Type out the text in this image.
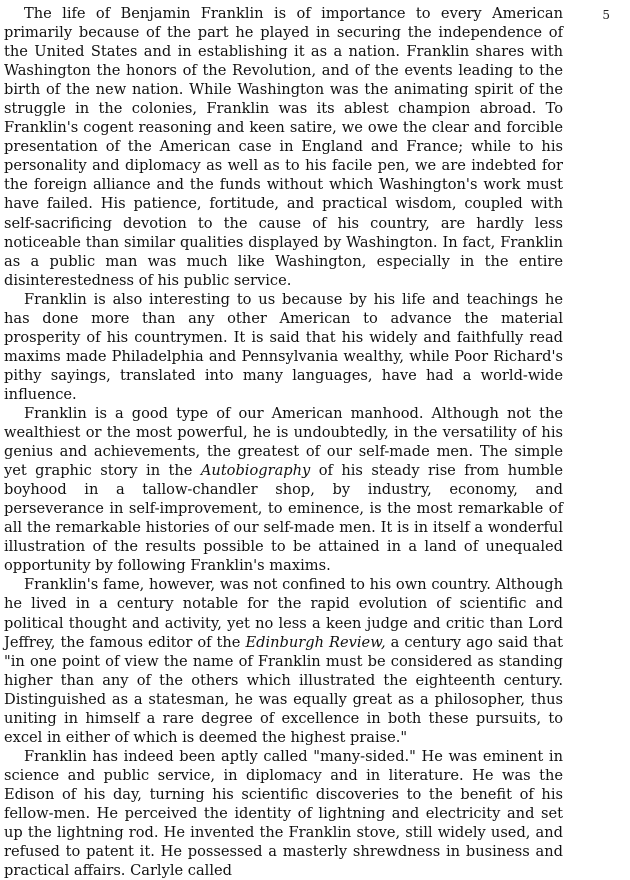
5

The life of Benjamin Franklin is of importance to every American primarily because of the part he played in securing the independence of the United States and in establishing it as a nation. Franklin shares with Washington the honors of the Revolution, and of the events leading to the birth of the new nation. While Washington was the animating spirit of the struggle in the colonies, Franklin was its ablest champion abroad. To Franklin's cogent reasoning and keen satire, we owe the clear and forcible presentation of the American case in England and France; while to his personality and diplomacy as well as to his facile pen, we are indebted for the foreign alliance and the funds without which Washington's work must have failed. His patience, fortitude, and practical wisdom, coupled with self-sacrificing devotion to the cause of his country, are hardly less noticeable than similar qualities displayed by Washington. In fact, Franklin as a public man was much like Washington, especially in the entire disinterestedness of his public service.

Franklin is also interesting to us because by his life and teachings he has done more than any other American to advance the material prosperity of his countrymen. It is said that his widely and faithfully read maxims made Philadelphia and Pennsylvania wealthy, while Poor Richard's pithy sayings, translated into many languages, have had a world-wide influence.

Franklin is a good type of our American manhood. Although not the wealthiest or the most powerful, he is undoubtedly, in the versatility of his genius and achievements, the greatest of our self-made men. The simple yet graphic story in the Autobiography of his steady rise from humble boyhood in a tallow-chandler shop, by industry, economy, and perseverance in self-improvement, to eminence, is the most remarkable of all the remarkable histories of our self-made men. It is in itself a wonderful illustration of the results possible to be attained in a land of unequaled opportunity by following Franklin's maxims.

Franklin's fame, however, was not confined to his own country. Although he lived in a century notable for the rapid evolution of scientific and political thought and activity, yet no less a keen judge and critic than Lord Jeffrey, the famous editor of the Edinburgh Review, a century ago said that "in one point of view the name of Franklin must be considered as standing higher than any of the others which illustrated the eighteenth century. Distinguished as a statesman, he was equally great as a philosopher, thus uniting in himself a rare degree of excellence in both these pursuits, to excel in either of which is deemed the highest praise."

Franklin has indeed been aptly called "many-sided." He was eminent in science and public service, in diplomacy and in literature. He was the Edison of his day, turning his scientific discoveries to the benefit of his fellow-men. He perceived the identity of lightning and electricity and set up the lightning rod. He invented the Franklin stove, still widely used, and refused to patent it. He possessed a masterly shrewdness in business and practical affairs. Carlyle called
